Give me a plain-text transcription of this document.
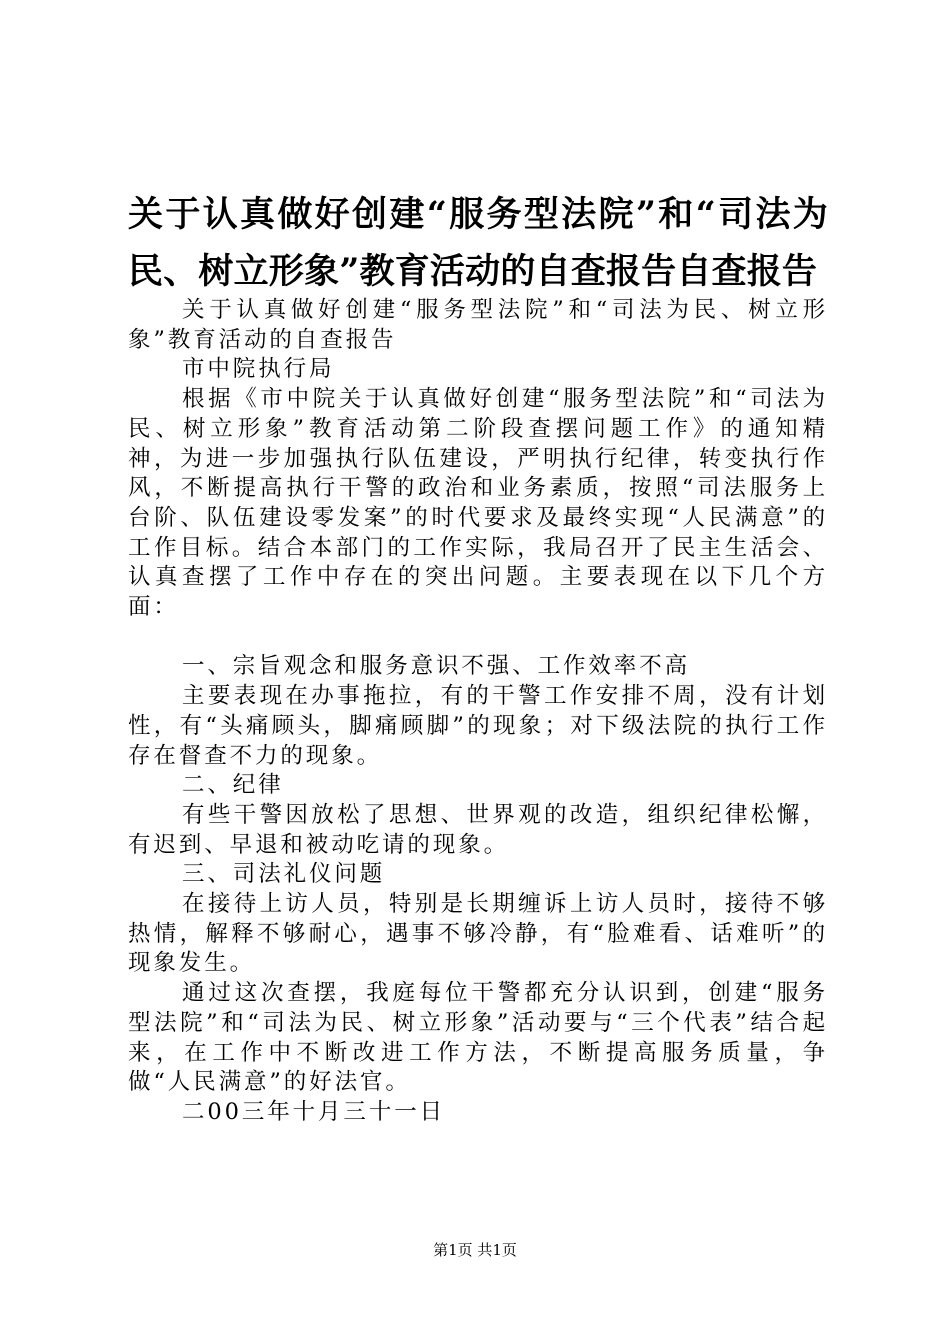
关于认真做好创建“服务型法院”和“司法为民、树立形象”教育活动的自查报告自查报告

关于认真做好创建“服务型法院”和“司法为民、树立形象”教育活动的自查报告

市中院执行局

根据《市中院关于认真做好创建“服务型法院”和“司法为民、树立形象”教育活动第二阶段查摆问题工作》的通知精神，为进一步加强执行队伍建设，严明执行纪律，转变执行作风，不断提高执行干警的政治和业务素质，按照“司法服务上台阶、队伍建设零发案”的时代要求及最终实现“人民满意”的工作目标。结合本部门的工作实际，我局召开了民主生活会、认真查摆了工作中存在的突出问题。主要表现在以下几个方面：

一、宗旨观念和服务意识不强、工作效率不高

主要表现在办事拖拉，有的干警工作安排不周，没有计划性，有“头痛顾头，脚痛顾脚”的现象；对下级法院的执行工作存在督查不力的现象。

二、纪律

有些干警因放松了思想、世界观的改造，组织纪律松懈，有迟到、早退和被动吃请的现象。

三、司法礼仪问题

在接待上访人员，特别是长期缠诉上访人员时，接待不够热情，解释不够耐心，遇事不够冷静，有“脸难看、话难听”的现象发生。

通过这次查摆，我庭每位干警都充分认识到，创建“服务型法院”和“司法为民、树立形象”活动要与“三个代表”结合起来，在工作中不断改进工作方法，不断提高服务质量，争做“人民满意”的好法官。

二00三年十月三十一日

第1页 共1页
